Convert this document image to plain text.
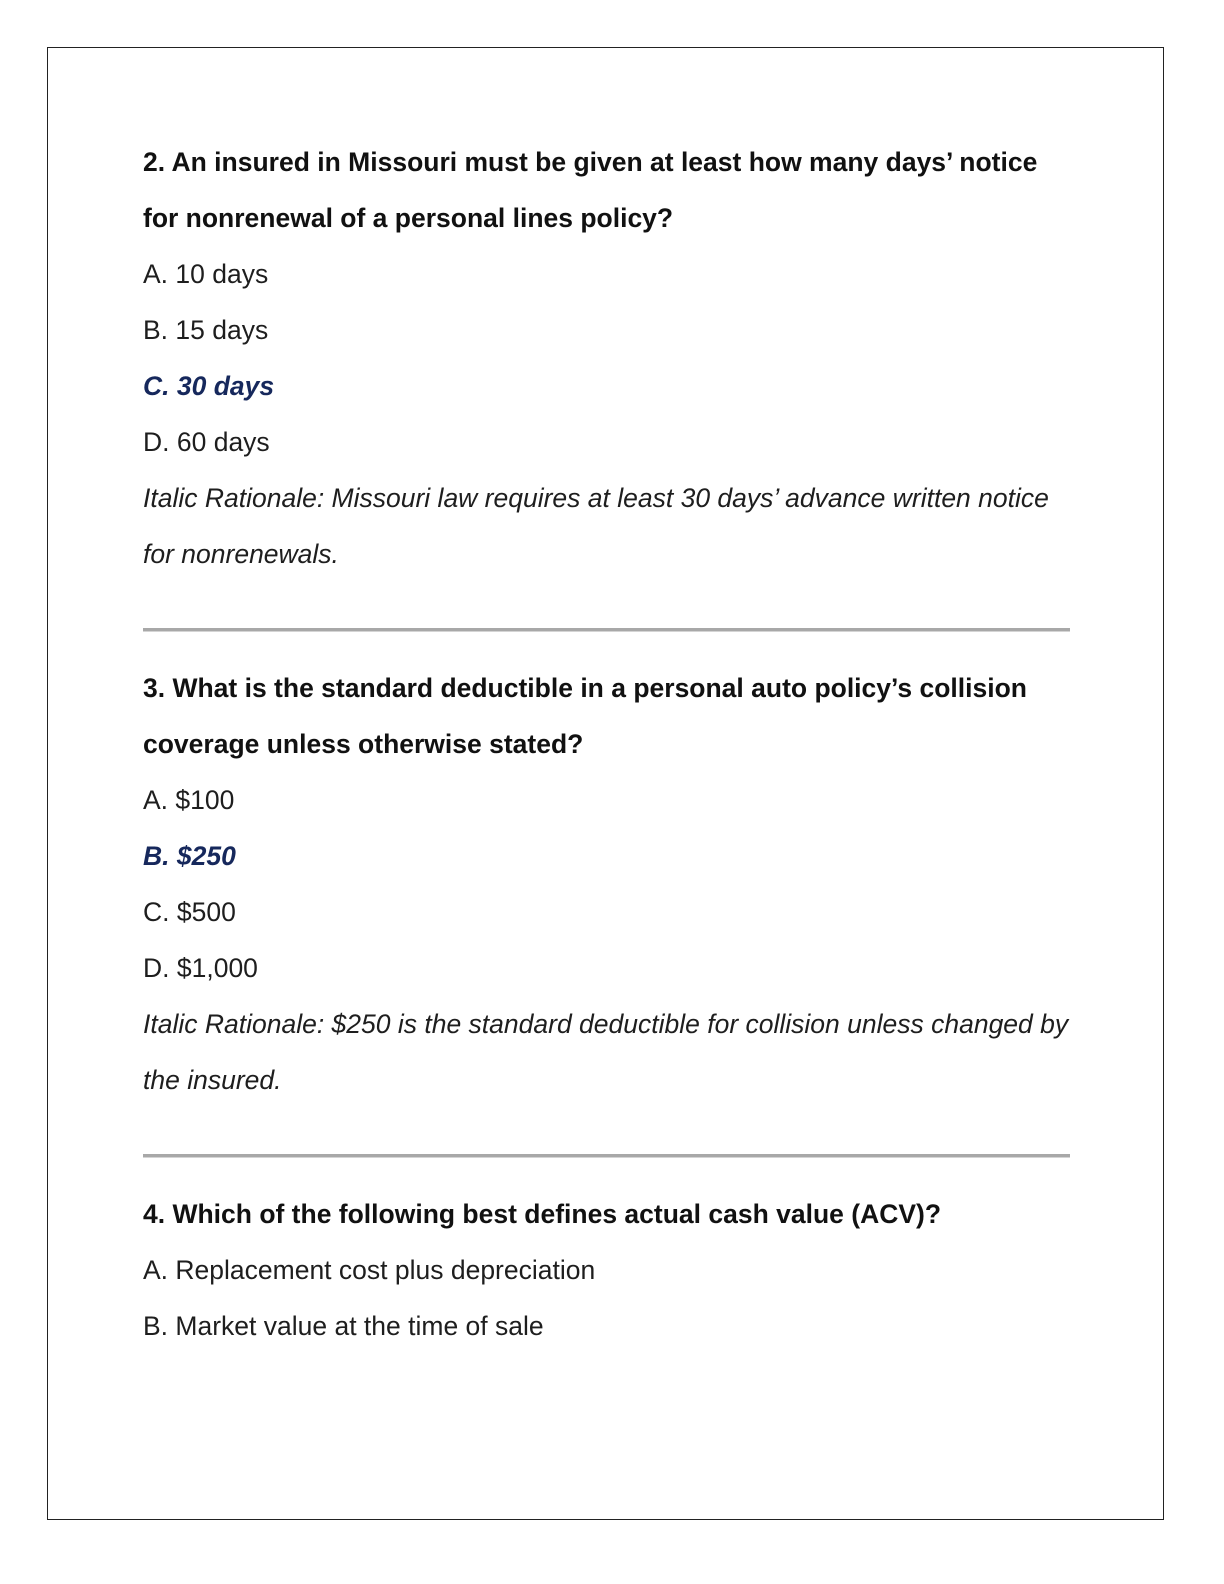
2. An insured in Missouri must be given at least how many days’ notice for nonrenewal of a personal lines policy?

A. 10 days

B. 15 days

C. 30 days

D. 60 days

Italic Rationale: Missouri law requires at least 30 days’ advance written notice for nonrenewals.

3. What is the standard deductible in a personal auto policy’s collision coverage unless otherwise stated?

A. $100

B. $250

C. $500

D. $1,000

Italic Rationale: $250 is the standard deductible for collision unless changed by the insured.

4. Which of the following best defines actual cash value (ACV)?

A. Replacement cost plus depreciation

B. Market value at the time of sale
